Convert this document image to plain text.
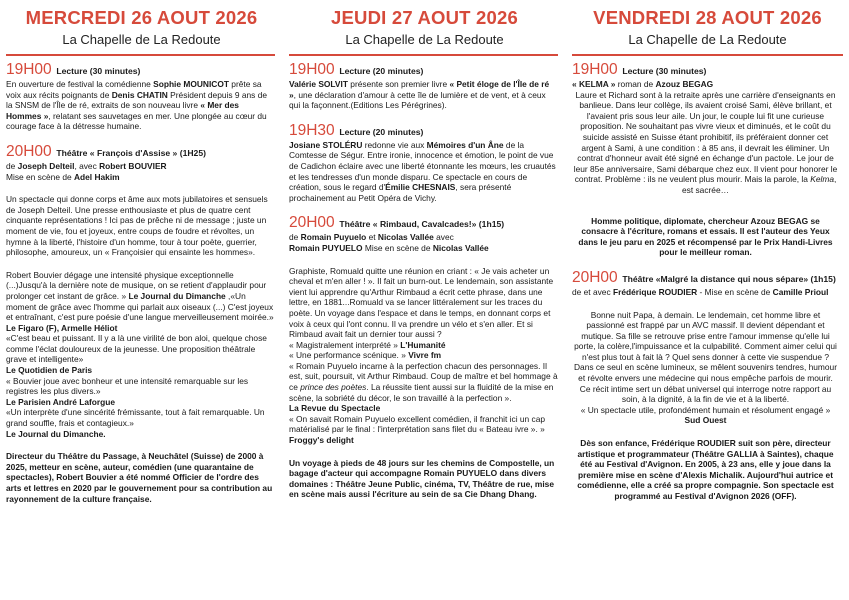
MERCREDI 26 AOUT 2026

La Chapelle de La Redoute

19H00 Lecture (30 minutes)

En ouverture de festival la comédienne Sophie MOUNICOT prête sa voix aux récits poignants de Denis CHATIN Président depuis 9 ans de la SNSM de l'Île de ré, extraits de son nouveau livre « Mer des Hommes », relatant ses sauvetages en mer. Une plongée au cœur du courage face à la détresse humaine.

20H00 Théâtre « François d'Assise » (1H25)

de Joseph Delteil, avec Robert BOUVIER

Mise en scène de Adel Hakim

Un spectacle qui donne corps et âme aux mots jubilatoires et sensuels de Joseph Delteil. Une presse enthousiaste et plus de quatre cent cinquante représentations ! Ici pas de prêche ni de message ; juste un moment de vie, fou et joyeux, entre coups de foudre et révoltes, un hymne à la liberté, l'histoire d'un homme, tour à tour poète, guerrier, philosophe, amoureux, un « Françoisier qui ensainte les hommes».

Robert Bouvier dégage une intensité physique exceptionnelle (...)Jusqu'à la dernière note de musique, on se retient d'applaudir pour prolonger cet instant de grâce. » Le Journal du Dimanche ,«Un moment de grâce avec l'homme qui parlait aux oiseaux (...) C'est joyeux et entraînant, c'est pure poésie d'une langue merveilleusement moirée.» Le Figaro (F), Armelle Héliot

«C'est beau et puissant. Il y a là une virilité de bon aloi, quelque chose comme l'éclat douloureux de la jeunesse. Une proposition théâtrale grave et intelligente»

Le Quotidien de Paris

« Bouvier joue avec bonheur et une intensité remarquable sur les registres les plus divers.»

Le Parisien André Laforgue

«Un interprète d'une sincérité frémissante, tout à fait remarquable. Un grand souffle, frais et contagieux.»

Le Journal du Dimanche.

Directeur du Théâtre du Passage, à Neuchâtel (Suisse) de 2000 à 2025, metteur en scène, auteur, comédien (une quarantaine de spectacles), Robert Bouvier a été nommé Officier de l'ordre des arts et lettres en 2020 par le gouvernement pour sa contribution au rayonnement de la culture française.

JEUDI 27 AOUT 2026

La Chapelle de La Redoute

19H00 Lecture (20 minutes)

Valérie SOLVIT présente son premier livre « Petit éloge de l'Île de ré », une déclaration d'amour à cette île de lumière et de vent, et à ceux qui la façonnent.(Editions Les Pérégrines).

19H30 Lecture (20 minutes)

Josiane STOLÉRU redonne vie aux Mémoires d'un Âne de la Comtesse de Ségur. Entre ironie, innocence et émotion, le point de vue de Cadichon éclaire avec une liberté étonnante les mœurs, les cruautés et les tendresses d'un monde disparu. Ce spectacle en cours de création, sous le regard d'Émilie CHESNAIS, sera présenté prochainement au Petit Opéra de Vichy.

20H00 Théâtre « Rimbaud, Cavalcades!» (1h15)

de Romain Puyuelo et Nicolas Vallée avec

Romain PUYUELO Mise en scène de Nicolas Vallée

Graphiste, Romuald quitte une réunion en criant : « Je vais acheter un cheval et m'en aller ! ». Il fait un burn-out. Le lendemain, son assistante vient lui apprendre qu'Arthur Rimbaud a écrit cette phrase, dans une lettre, en 1881...Romuald va se lancer littéralement sur les traces du poète. Un voyage dans l'espace et dans le temps, en donnant corps et voix à ceux qui l'ont connu. Il va prendre un vélo et s'en aller. Et si Rimbaud avait fait un dernier tour aussi ?

« Magistralement interprété » L'Humanité

« Une performance scénique. » Vivre fm

« Romain Puyuelo incarne à la perfection chacun des personnages. Il est, suit, poursuit, vit Arthur Rimbaud. Coup de maître et bel hommage à ce prince des poètes. La réussite tient aussi sur la fluidité de la mise en scène, la sobriété du décor, le son travaillé à la perfection ».

La Revue du Spectacle

« On savait Romain Puyuelo excellent comédien, il franchit ici un cap matérialisé par le final : l'interprétation sans filet du « Bateau ivre ». » Froggy's delight

Un voyage à pieds de 48 jours sur les chemins de Compostelle, un bagage d'acteur qui accompagne Romain PUYUELO dans divers domaines : Théâtre Jeune Public, cinéma, TV, Théâtre de rue, mise en scène mais aussi l'écriture au sein de sa Cie Dhang Dhang.

VENDREDI 28 AOUT 2026

La Chapelle de La Redoute

19H00 Lecture (30 minutes)

« KELMA » roman de Azouz BEGAG

Laure et Richard sont à la retraite après une carrière d'enseignants en banlieue. Dans leur collège, ils avaient croisé Sami, élève brillant, et l'avaient pris sous leur aile. Un jour, le couple lui fit une curieuse proposition. Ne souhaitant pas vivre vieux et diminués, et le coût du suicide assisté en Suisse étant prohibitif, ils préféraient donner cet argent à Sami, à une condition : à 85 ans, il devrait les éliminer. Un contrat d'honneur avait été signé en échange d'un pactole. Le jour de leur 85e anniversaire, Sami débarque chez eux. Il vient pour honorer le contrat. Problème : ils ne veulent plus mourir. Mais la parole, la Kelma, est sacrée…

Homme politique, diplomate, chercheur Azouz BEGAG se consacre à l'écriture, romans et essais. Il est l'auteur des Yeux dans le jeu paru en 2025 et récompensé par le Prix Handi-Livres pour le meilleur roman.

20H00 Théâtre «Malgré la distance qui nous sépare» (1h15)

de et avec Frédérique ROUDIER - Mise en scène de Camille Prioul

Bonne nuit Papa, à demain. Le lendemain, cet homme libre et passionné est frappé par un AVC massif. Il devient dépendant et mutique. Sa fille se retrouve prise entre l'amour immense qu'elle lui porte, la colère,l'impuissance et la culpabilité. Comment aimer celui qui n'est plus tout à fait là ? Quel sens donner à cette vie suspendue ? Dans ce seul en scène lumineux, se mêlent souvenirs tendres, humour et révolte envers une médecine qui nous empêche parfois de mourir. Ce récit intime sert un débat universel qui interroge notre rapport au soin, à la dignité, à la fin de vie et à la liberté.

« Un spectacle utile, profondément humain et résolument engagé » Sud Ouest

Dès son enfance, Frédérique ROUDIER suit son père, directeur artistique et programmateur (Théâtre GALLIA à Saintes), chaque été au Festival d'Avignon. En 2005, à 23 ans, elle y joue dans la première mise en scène d'Alexis Michalik. Aujourd'hui autrice et comédienne, elle a créé sa propre compagnie. Son spectacle est programmé au Festival d'Avignon 2026 (OFF).
